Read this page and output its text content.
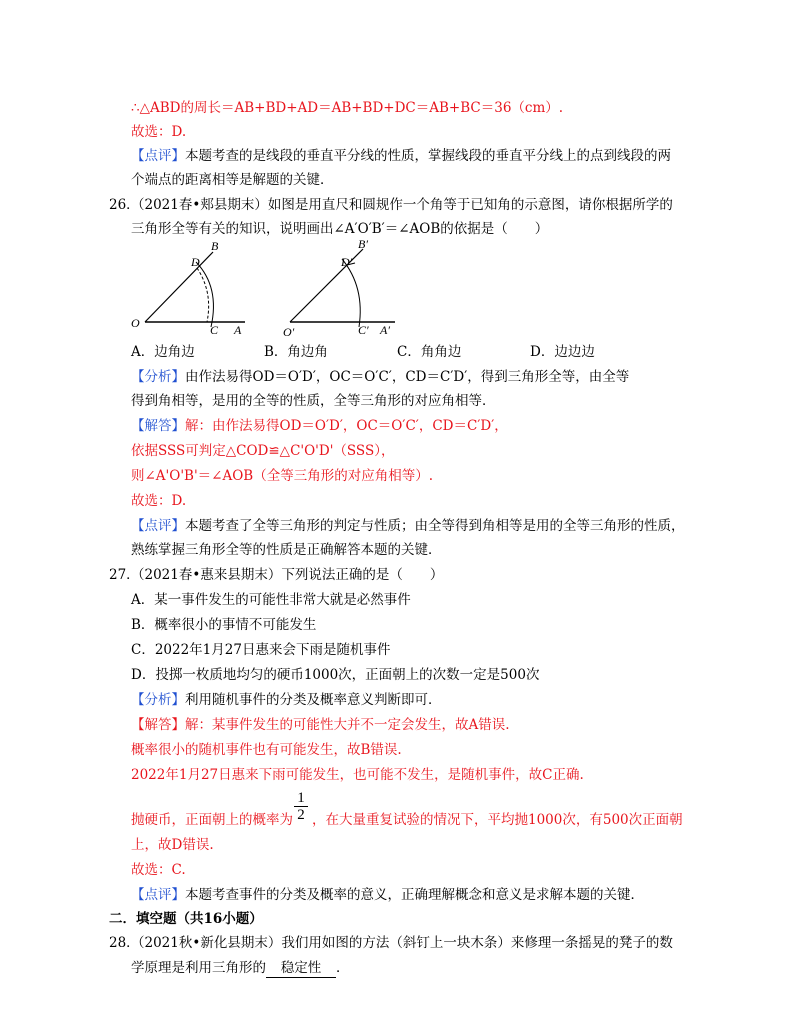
∴△ABD的周长＝AB+BD+AD＝AB+BD+DC＝AB+BC＝36（cm）.
故选：D.
【点评】本题考查的是线段的垂直平分线的性质，掌握线段的垂直平分线上的点到线段的两
个端点的距离相等是解题的关键．
26．
（2021春•郏县期末）如图是用直尺和圆规作一个角等于已知角的示意图，请你根据所学的
三角形全等有关的知识，说明画出∠A′O′B′＝∠AOB的依据是（　　）
B
D
O	C A
B′
D′
O′	C′ A′
A．边角边	B．角边角	C．角角边	D．边边边
【分析】由作法易得OD＝O′D′，OC＝O′C′，CD＝C′D′，得到三角形全等，由全等
得到角相等，是用的全等的性质，全等三角形的对应角相等．
【解答】解：由作法易得OD＝O′D′，OC＝O′C′，CD＝C′D′，
依据SSS可判定△COD≌△C'O'D'（SSS），
则∠A'O'B'＝∠AOB（全等三角形的对应角相等）.
故选：D.
【点评】本题考查了全等三角形的判定与性质；由全等得到角相等是用的全等三角形的性质，
熟练掌握三角形全等的性质是正确解答本题的关键．
27．
（2021春•惠来县期末）下列说法正确的是（　　）
A．某一事件发生的可能性非常大就是必然事件
B．概率很小的事情不可能发生
C．2022年1月27日惠来会下雨是随机事件
D．投掷一枚质地均匀的硬币1000次，正面朝上的次数一定是500次
【分析】利用随机事件的分类及概率意义判断即可．
【解答】解：某事件发生的可能性大并不一定会发生，故A错误.
概率很小的随机事件也有可能发生，故B错误.
2022年1月27日惠来下雨可能发生，也可能不发生，是随机事件，故C正确.
$\frac{1}{2}$
抛硬币，正面朝上的概率为 ，在大量重复试验的情况下，平均抛1000次，有500次正面朝
上，故D错误.
故选：C.
【点评】本题考查事件的分类及概率的意义，正确理解概念和意义是求解本题的关键．
二．填空题（共16小题）
28．
（2021秋•新化县期末）我们用如图的方法（斜钉上一块木条）来修理一条摇晃的凳子的数
学原理是利用三角形的 稳定性 ．
